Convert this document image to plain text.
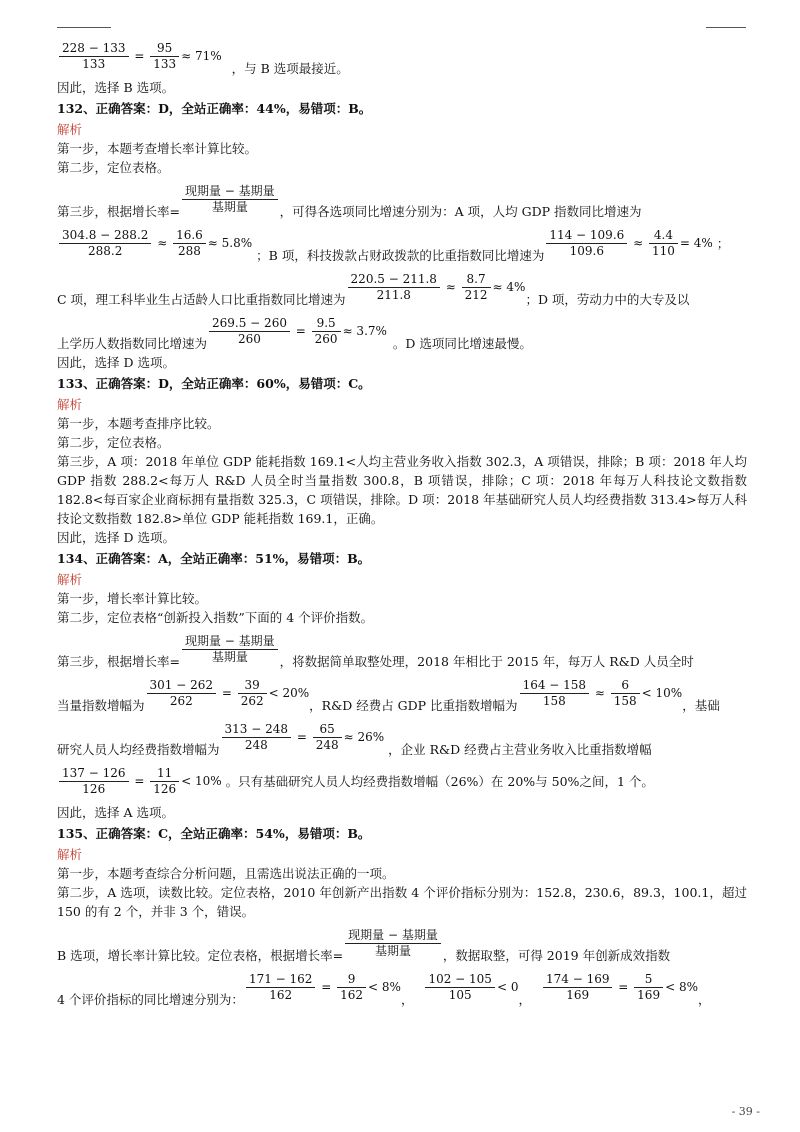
$\frac{228 - 133}{133} = \frac{95}{133} \approx 71\%$
，与 B 选项最接近。
因此，选择 B 选项。
132、正确答案：D，全站正确率：44%，易错项：B。
解析
第一步，本题考查增长率计算比较。
第二步，定位表格。
第三步，根据增长率= $\frac{\text{现期量 − 基期量}}{\text{基期量}}$ ，可得各选项同比增速分别为：A 项，人均 GDP 指数同比增速为
$\frac{304.8 - 288.2}{288.2} \approx \frac{16.6}{288} \approx 5.8\%$
；B 项，科技拨款占财政拨款的比重指数同比增速为 $\frac{114 - 109.6}{109.6} \approx \frac{4.4}{110} = 4\%$ ；
C 项，理工科毕业生占适龄人口比重指数同比增速为 $\frac{220.5 - 211.8}{211.8} \approx \frac{8.7}{212} \approx 4\%$
；D 项，劳动力中的大专及以
上学历人数指数同比增速为 $\frac{269.5 - 260}{260} = \frac{9.5}{260} \approx 3.7\%$
。D 选项同比增速最慢。
因此，选择 D 选项。
133、正确答案：D，全站正确率：60%，易错项：C。
解析
第一步，本题考查排序比较。
第二步，定位表格。
第三步，A 项：2018 年单位 GDP 能耗指数 169.1<人均主营业务收入指数 302.3，A 项错误，排除；B 项：2018 年人均 GDP 指数 288.2<每万人 R&D 人员全时当量指数 300.8，B 项错误，排除；C 项：2018 年每万人科技论文数指数 182.8<每百家企业商标拥有量指数 325.3，C 项错误，排除。D 项：2018 年基础研究人员人均经费指数 313.4>每万人科技论文数指数 182.8>单位 GDP 能耗指数 169.1，正确。
因此，选择 D 选项。
134、正确答案：A，全站正确率：51%，易错项：B。
解析
第一步，增长率计算比较。
第二步，定位表格“创新投入指数”下面的 4 个评价指数。
第三步，根据增长率= $\frac{\text{现期量 − 基期量}}{\text{基期量}}$ ，将数据简单取整处理，2018 年相比于 2015 年，每万人 R&D 人员全时
当量指数增幅为 $\frac{301 - 262}{262} = \frac{39}{262} < 20\%$
，R&D 经费占 GDP 比重指数增幅为 $\frac{164 - 158}{158} \approx \frac{6}{158} < 10\%$
，基础
研究人员人均经费指数增幅为 $\frac{313 - 248}{248} = \frac{65}{248} \approx 26\%$
，企业 R&D 经费占主营业务收入比重指数增幅
$\frac{137 - 126}{126} = \frac{11}{126} < 10\%$ 。只有基础研究人员人均经费指数增幅（26%）在 20%与 50%之间，1 个。
因此，选择 A 选项。
135、正确答案：C，全站正确率：54%，易错项：B。
解析
第一步，本题考查综合分析问题，且需选出说法正确的一项。
第二步，A 选项，读数比较。定位表格，2010 年创新产出指数 4 个评价指标分别为：152.8，230.6，89.3，100.1，超过 150 的有 2 个，并非 3 个，错误。
B 选项，增长率计算比较。定位表格，根据增长率= $\frac{\text{现期量 − 基期量}}{\text{基期量}}$ ，数据取整，可得 2019 年创新成效指数
4 个评价指标的同比增速分别为： $\frac{171 - 162}{162} = \frac{9}{162} < 8\%$
， $\frac{102 - 105}{105} < 0$
， $\frac{174 - 169}{169} = \frac{5}{169} < 8\%$
，
- 39 -
